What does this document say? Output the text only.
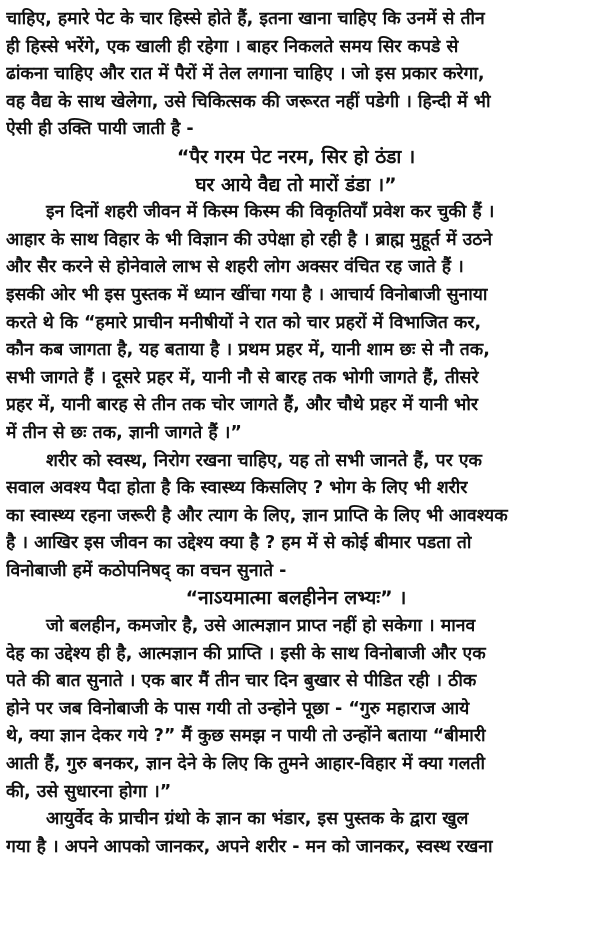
चाहिए, हमारे पेट के चार हिस्से होते हैं, इतना खाना चाहिए कि उनमें से तीन
ही हिस्से भरेंगे, एक खाली ही रहेगा । बाहर निकलते समय सिर कपडे से
ढांकना चाहिए और रात में पैरों में तेल लगाना चाहिए । जो इस प्रकार करेगा,
वह वैद्य के साथ खेलेगा, उसे चिकित्सक की जरूरत नहीं पडेगी । हिन्दी में भी
ऐसी ही उक्ति पायी जाती है -
“पैर गरम पेट नरम, सिर हो ठंडा ।
घर आये वैद्य तो मारों डंडा ।”
इन दिनों शहरी जीवन में किस्म किस्म की विकृतियाँ प्रवेश कर चुकी हैं ।
आहार के साथ विहार के भी विज्ञान की उपेक्षा हो रही है । ब्राह्म मुहूर्त में उठने
और सैर करने से होनेवाले लाभ से शहरी लोग अक्सर वंचित रह जाते हैं ।
इसकी ओर भी इस पुस्तक में ध्यान खींचा गया है । आचार्य विनोबाजी सुनाया
करते थे कि “हमारे प्राचीन मनीषीयों ने रात को चार प्रहरों में विभाजित कर,
कौन कब जागता है, यह बताया है । प्रथम प्रहर में, यानी शाम छः से नौ तक,
सभी जागते हैं । दूसरे प्रहर में, यानी नौ से बारह तक भोगी जागते हैं, तीसरे
प्रहर में, यानी बारह से तीन तक चोर जागते हैं, और चौथे प्रहर में यानी भोर
में तीन से छः तक, ज्ञानी जागते हैं ।”
शरीर को स्वस्थ, निरोग रखना चाहिए, यह तो सभी जानते हैं, पर एक
सवाल अवश्य पैदा होता है कि स्वास्थ्य किसलिए ? भोग के लिए भी शरीर
का स्वास्थ्य रहना जरूरी है और त्याग के लिए, ज्ञान प्राप्ति के लिए भी आवश्यक
है । आखिर इस जीवन का उद्देश्य क्या है ? हम में से कोई बीमार पडता तो
विनोबाजी हमें कठोपनिषद् का वचन सुनाते -
“नाऽयमात्मा बलहीनेन लभ्यः” ।
जो बलहीन, कमजोर है, उसे आत्मज्ञान प्राप्त नहीं हो सकेगा । मानव
देह का उद्देश्य ही है, आत्मज्ञान की प्राप्ति । इसी के साथ विनोबाजी और एक
पते की बात सुनाते । एक बार मैं तीन चार दिन बुखार से पीडित रही । ठीक
होने पर जब विनोबाजी के पास गयी तो उन्होने पूछा - “गुरु महाराज आये
थे, क्या ज्ञान देकर गये ?” मैं कुछ समझ न पायी तो उन्होंने बताया “बीमारी
आती हैं, गुरु बनकर, ज्ञान देने के लिए कि तुमने आहार-विहार में क्या गलती
की, उसे सुधारना होगा ।”
आयुर्वेद के प्राचीन ग्रंथो के ज्ञान का भंडार, इस पुस्तक के द्वारा खुल
गया है । अपने आपको जानकर, अपने शरीर - मन को जानकर, स्वस्थ रखना
